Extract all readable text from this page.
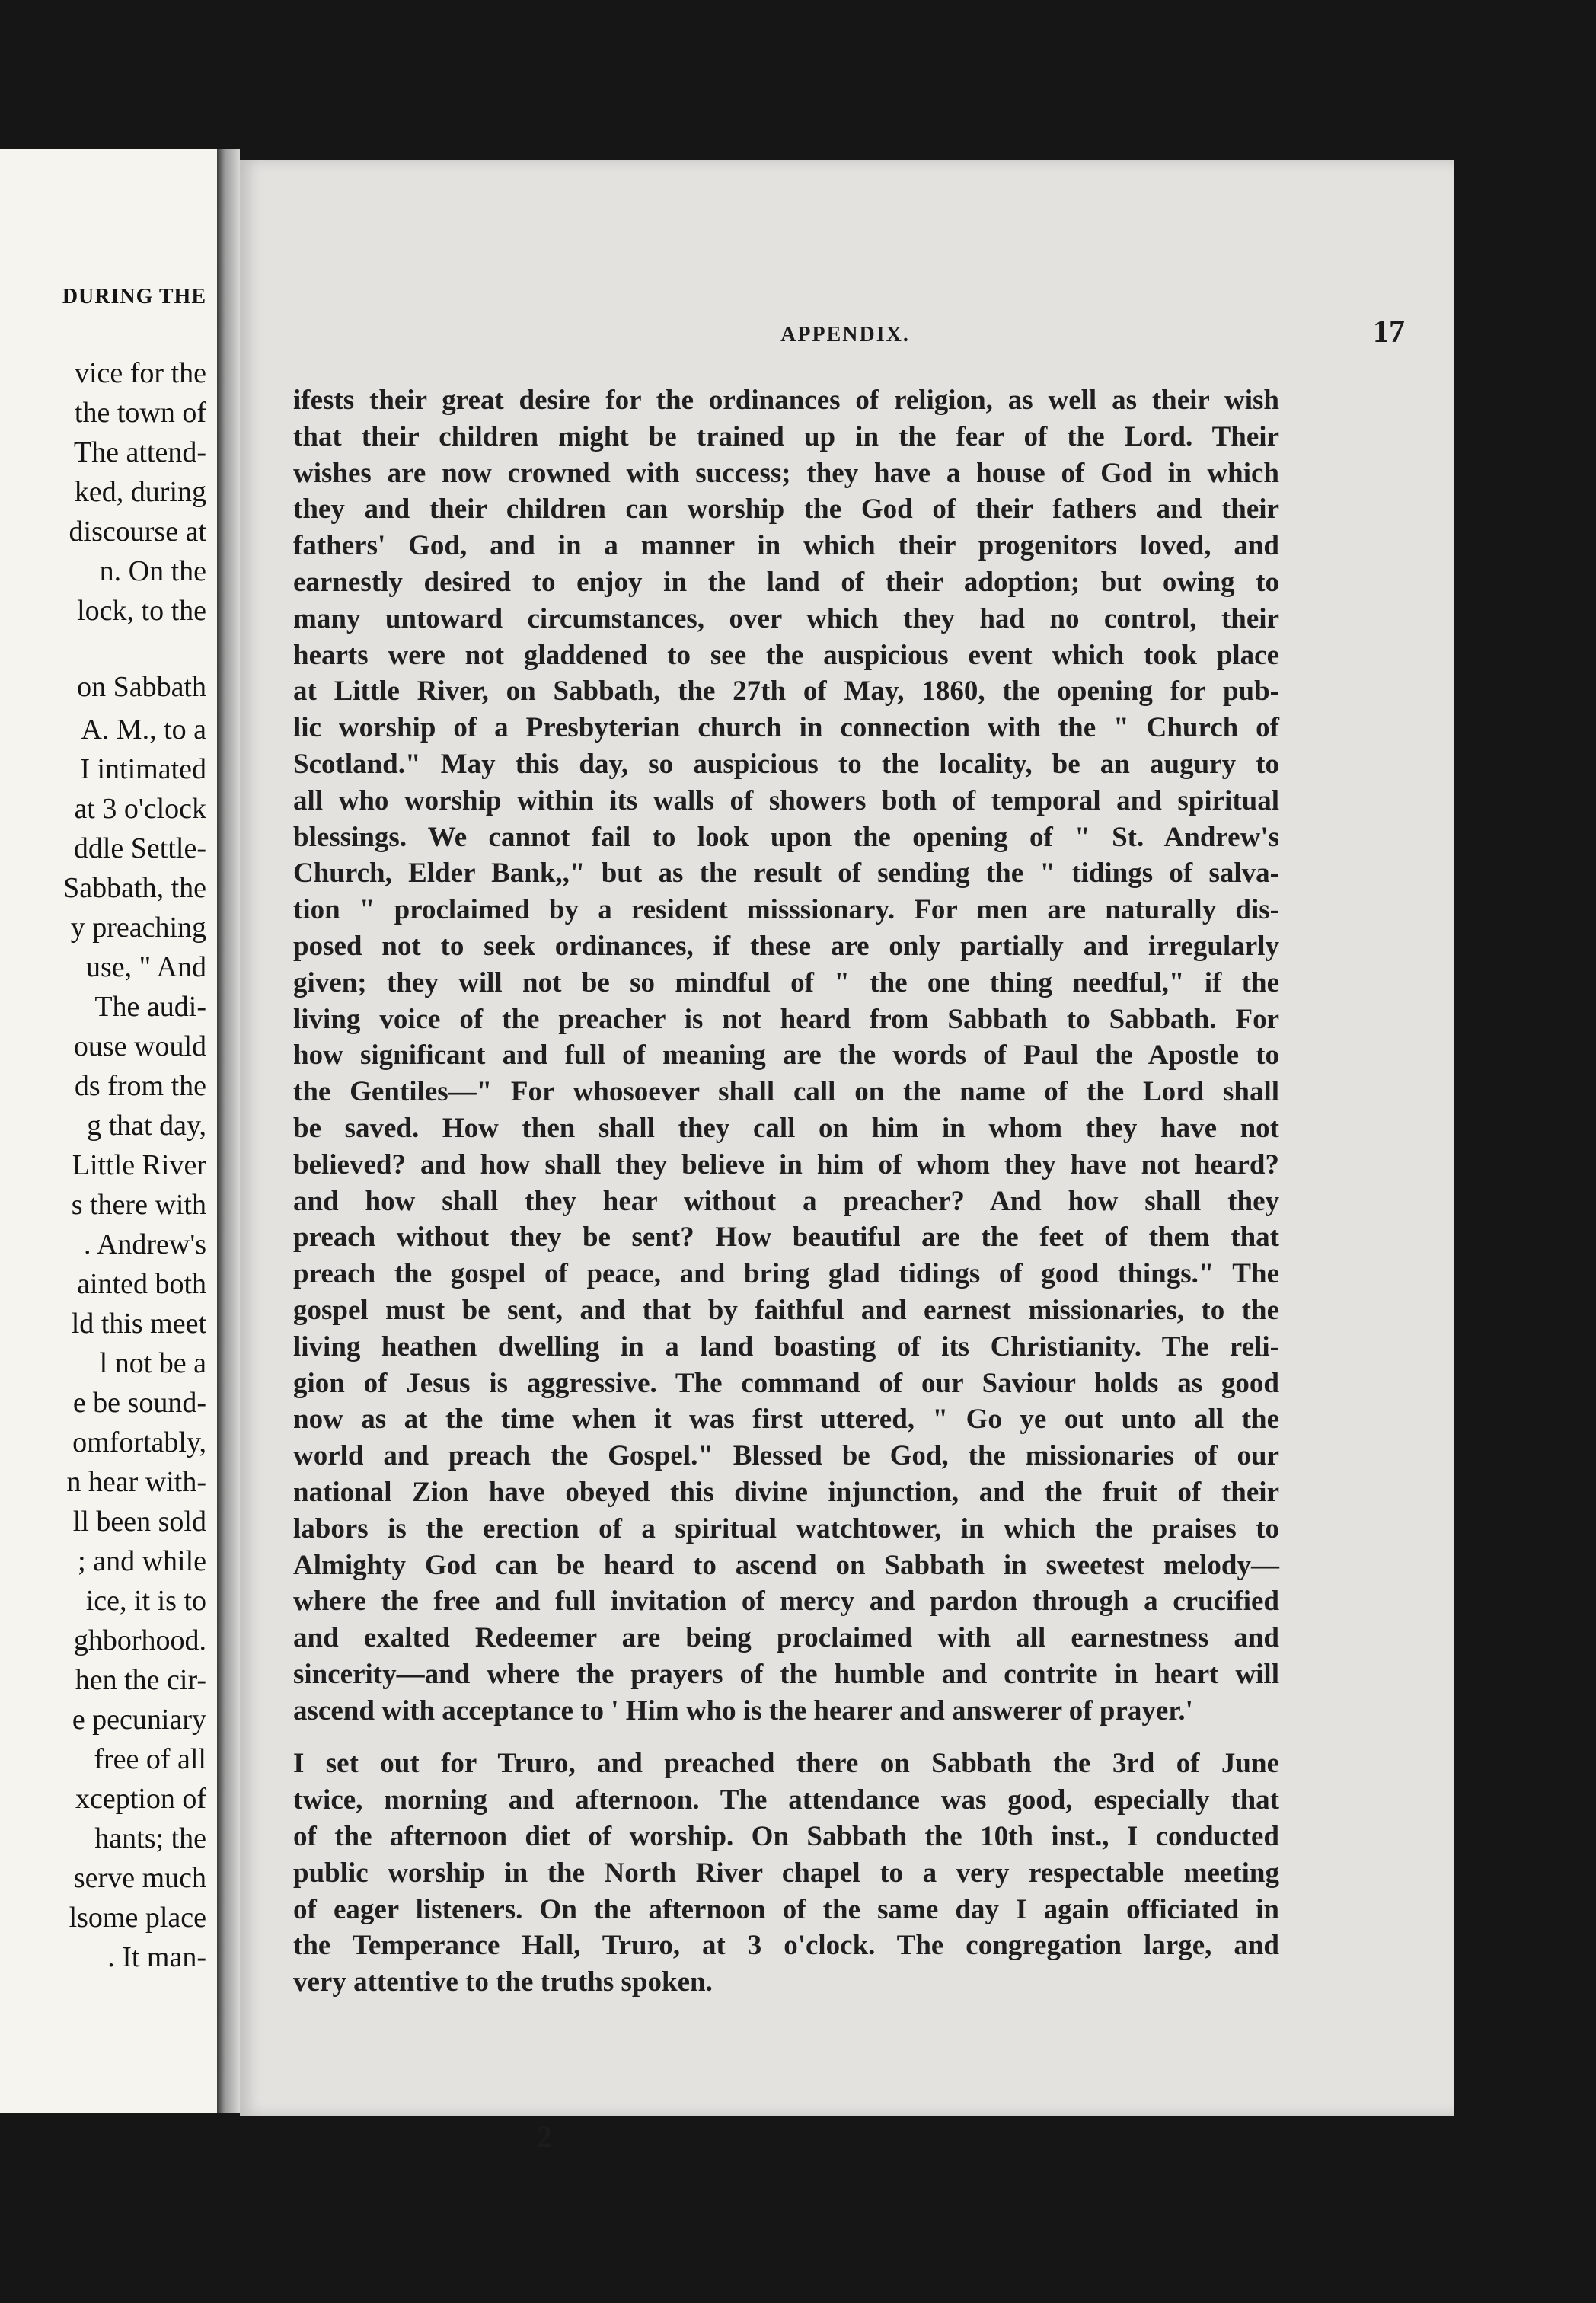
DURING THE
vice for the
the town of
The attend-
ked, during
discourse at
n. On the
lock, to the
on Sabbath
A. M., to a
I intimated
at 3 o'clock
ddle Settle-
Sabbath, the
y preaching
use, " And
The audi-
ouse would
ds from the
g that day,
Little River
s there with
. Andrew's
ainted both
ld this meet
l not be a
e be sound-
omfortably,
n hear with-
ll been sold
; and while
ice, it is to
ghborhood.
hen the cir-
e pecuniary
free of all
xception of
hants; the
serve much
lsome place
. It man-
APPENDIX.	17

ifests their great desire for the ordinances of religion, as well as their wish
that their children might be trained up in the fear of the Lord. Their
wishes are now crowned with success; they have a house of God in which
they and their children can worship the God of their fathers and their
fathers' God, and in a manner in which their progenitors loved, and
earnestly desired to enjoy in the land of their adoption; but owing to
many untoward circumstances, over which they had no control, their
hearts were not gladdened to see the auspicious event which took place
at Little River, on Sabbath, the 27th of May, 1860, the opening for pub-
lic worship of a Presbyterian church in connection with the " Church of
Scotland." May this day, so auspicious to the locality, be an augury to
all who worship within its walls of showers both of temporal and spiritual
blessings. We cannot fail to look upon the opening of " St. Andrew's
Church, Elder Bank,," but as the result of sending the " tidings of salva-
tion " proclaimed by a resident misssionary. For men are naturally dis-
posed not to seek ordinances, if these are only partially and irregularly
given; they will not be so mindful of " the one thing needful," if the
living voice of the preacher is not heard from Sabbath to Sabbath. For
how significant and full of meaning are the words of Paul the Apostle to
the Gentiles—" For whosoever shall call on the name of the Lord shall
be saved. How then shall they call on him in whom they have not
believed? and how shall they believe in him of whom they have not heard?
and how shall they hear without a preacher? And how shall they
preach without they be sent? How beautiful are the feet of them that
preach the gospel of peace, and bring glad tidings of good things." The
gospel must be sent, and that by faithful and earnest missionaries, to the
living heathen dwelling in a land boasting of its Christianity. The reli-
gion of Jesus is aggressive. The command of our Saviour holds as good
now as at the time when it was first uttered, " Go ye out unto all the
world and preach the Gospel." Blessed be God, the missionaries of our
national Zion have obeyed this divine injunction, and the fruit of their
labors is the erection of a spiritual watchtower, in which the praises to
Almighty God can be heard to ascend on Sabbath in sweetest melody—
where the free and full invitation of mercy and pardon through a crucified
and exalted Redeemer are being proclaimed with all earnestness and
sincerity—and where the prayers of the humble and contrite in heart will
ascend with acceptance to ' Him who is the hearer and answerer of prayer.'

I set out for Truro, and preached there on Sabbath the 3rd of June
twice, morning and afternoon. The attendance was good, especially that
of the afternoon diet of worship. On Sabbath the 10th inst., I conducted
public worship in the North River chapel to a very respectable meeting
of eager listeners. On the afternoon of the same day I again officiated in
the Temperance Hall, Truro, at 3 o'clock. The congregation large, and
very attentive to the truths spoken.

2
